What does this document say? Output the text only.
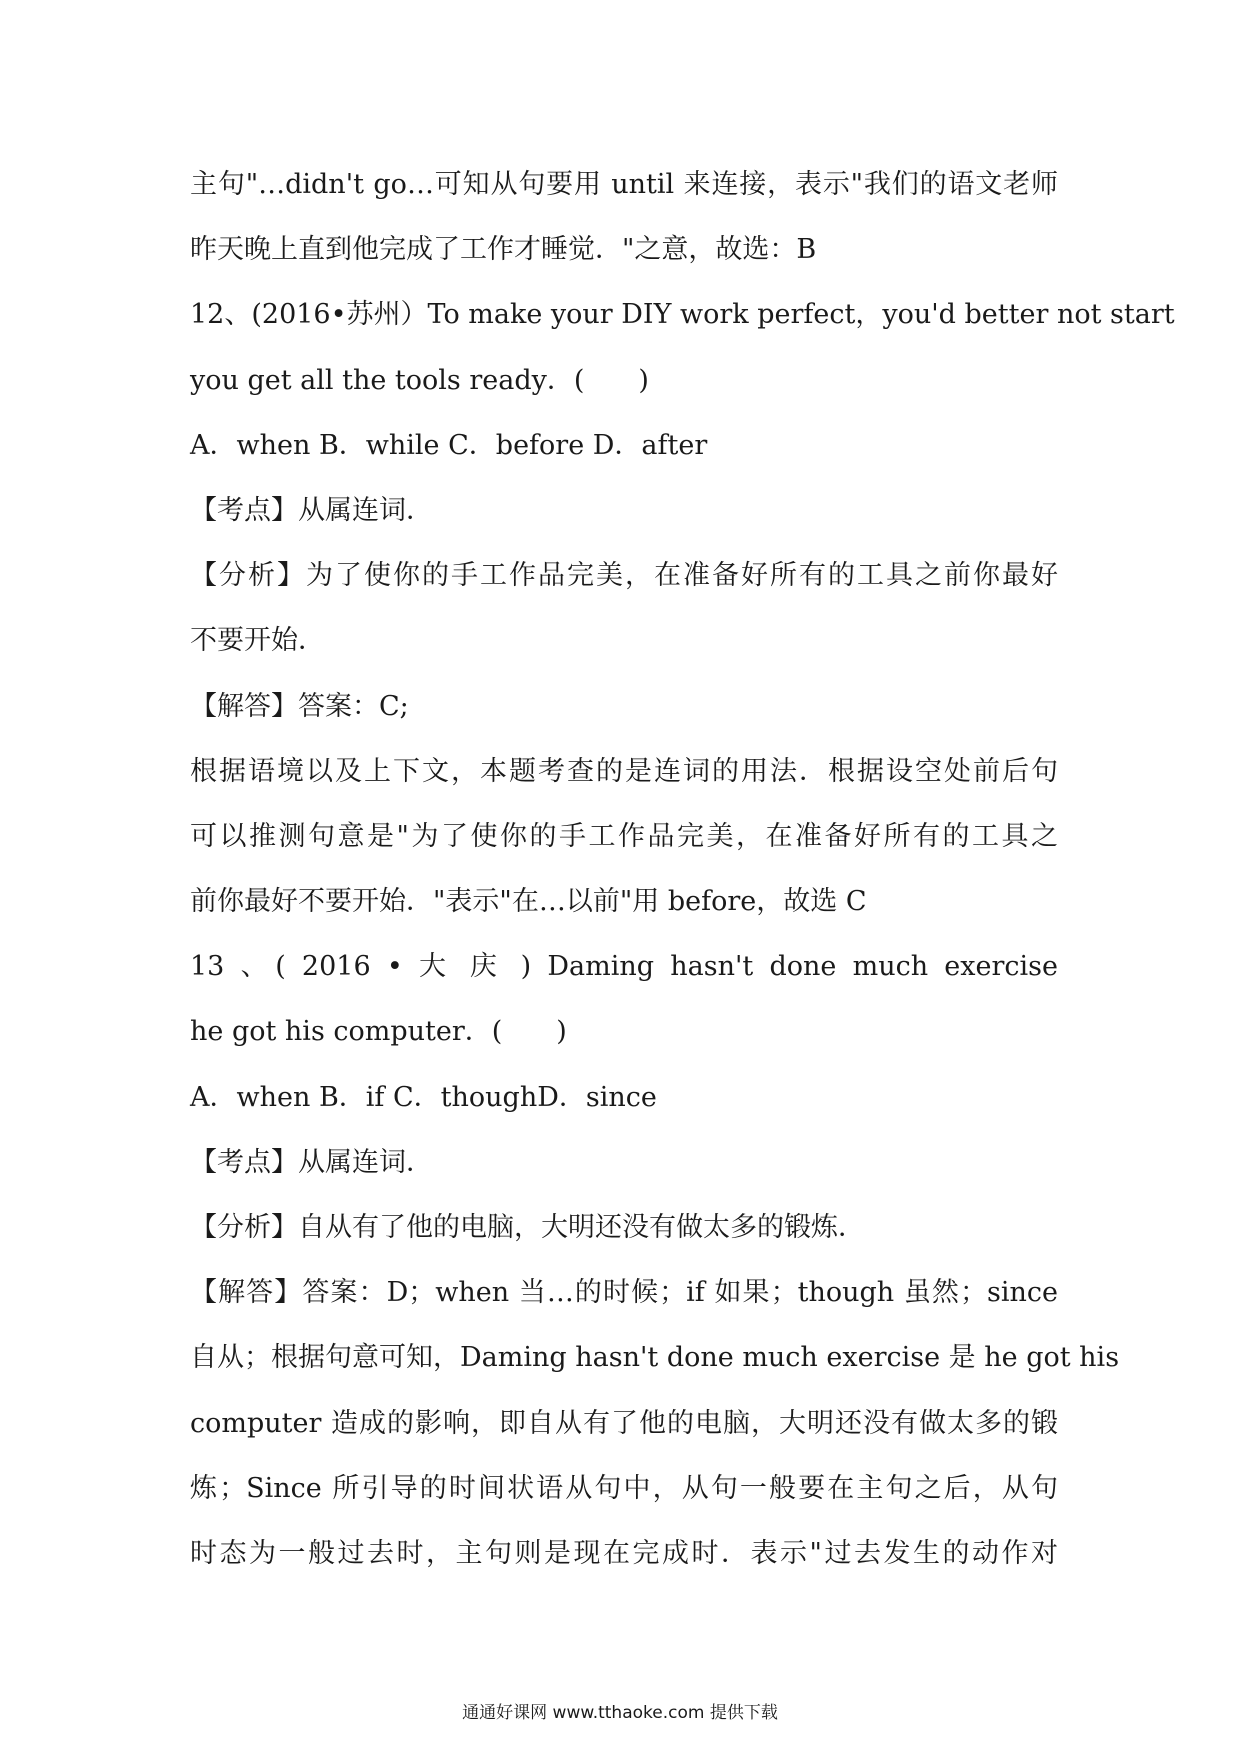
主句"…didn't go…可知从句要用 until 来连接，表示"我们的语文老师
昨天晚上直到他完成了工作才睡觉．"之意，故选：B
12、(2016•苏州）To make your DIY work perfect，you'd better not start
you get all the tools ready．(　　)
A．when B．while C．before D．after
【考点】从属连词．
【分析】为了使你的手工作品完美，在准备好所有的工具之前你最好
不要开始．
【解答】答案：C;
根据语境以及上下文，本题考查的是连词的用法．根据设空处前后句
可以推测句意是"为了使你的手工作品完美，在准备好所有的工具之
前你最好不要开始．"表示"在…以前"用 before，故选 C
13 、( 2016 • 大 庆 ) Daming hasn't done much exercise
he got his computer．(　　)
A．when B．if C．thoughD．since
【考点】从属连词．
【分析】自从有了他的电脑，大明还没有做太多的锻炼．
【解答】答案：D；when 当…的时候；if 如果；though 虽然；since
自从；根据句意可知，Daming hasn't done much exercise 是 he got his
computer 造成的影响，即自从有了他的电脑，大明还没有做太多的锻
炼；Since 所引导的时间状语从句中，从句一般要在主句之后，从句
时态为一般过去时，主句则是现在完成时．表示"过去发生的动作对
通通好课网 www.tthaoke.com 提供下载
